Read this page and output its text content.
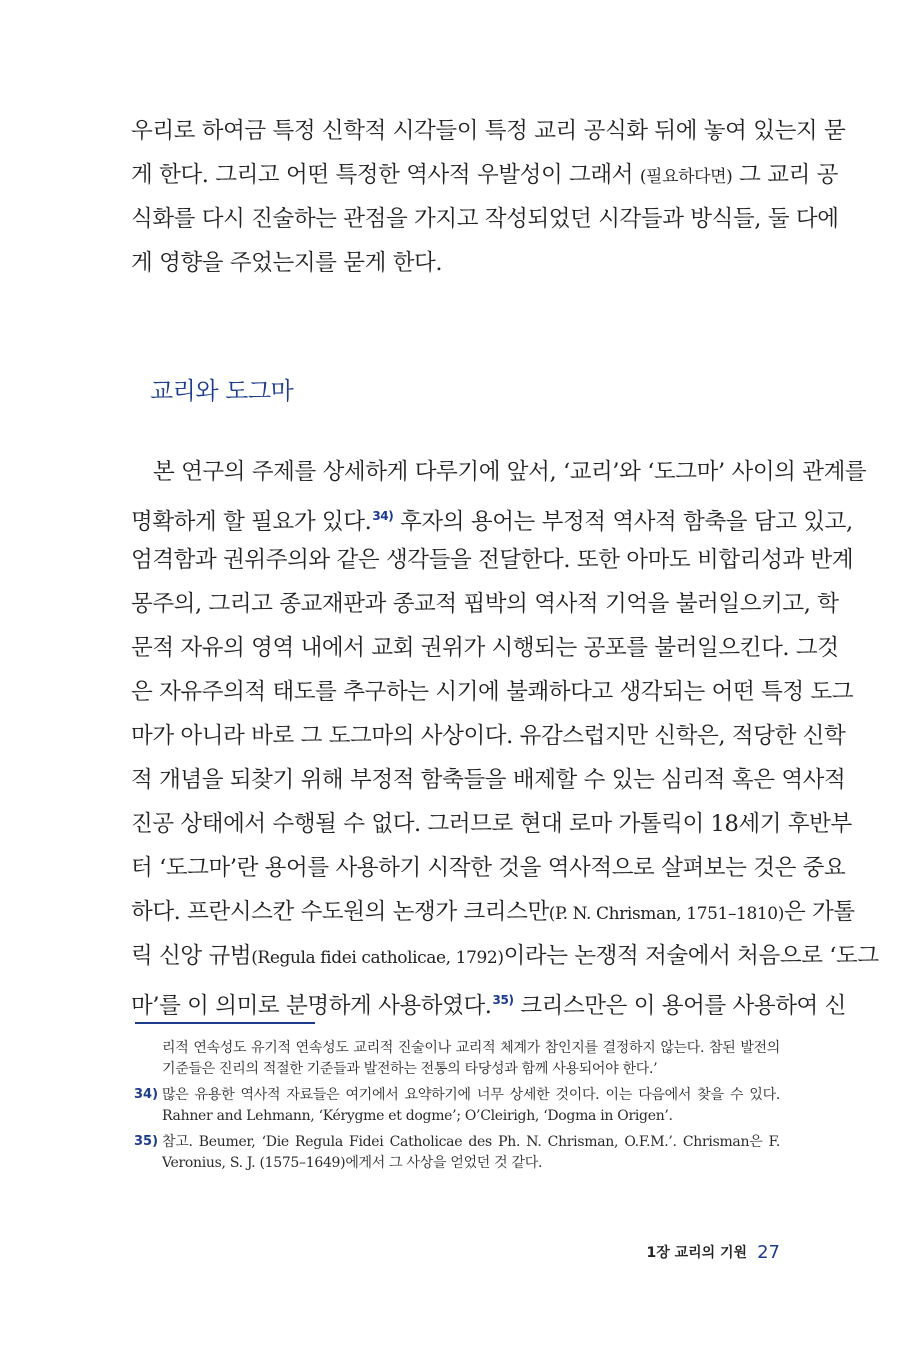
우리로 하여금 특정 신학적 시각들이 특정 교리 공식화 뒤에 놓여 있는지 묻
게 한다. 그리고 어떤 특정한 역사적 우발성이 그래서 (필요하다면) 그 교리 공
식화를 다시 진술하는 관점을 가지고 작성되었던 시각들과 방식들, 둘 다에
게 영향을 주었는지를 묻게 한다.
교리와 도그마
본 연구의 주제를 상세하게 다루기에 앞서, ‘교리’와 ‘도그마’ 사이의 관계를
명확하게 할 필요가 있다.$^{34)}$ 후자의 용어는 부정적 역사적 함축을 담고 있고,
엄격함과 권위주의와 같은 생각들을 전달한다. 또한 아마도 비합리성과 반계
몽주의, 그리고 종교재판과 종교적 핍박의 역사적 기억을 불러일으키고, 학
문적 자유의 영역 내에서 교회 권위가 시행되는 공포를 불러일으킨다. 그것
은 자유주의적 태도를 추구하는 시기에 불쾌하다고 생각되는 어떤 특정 도그
마가 아니라 바로 그 도그마의 사상이다. 유감스럽지만 신학은, 적당한 신학
적 개념을 되찾기 위해 부정적 함축들을 배제할 수 있는 심리적 혹은 역사적
진공 상태에서 수행될 수 없다. 그러므로 현대 로마 가톨릭이 18세기 후반부
터 ‘도그마’란 용어를 사용하기 시작한 것을 역사적으로 살펴보는 것은 중요
하다. 프란시스칸 수도원의 논쟁가 크리스만(P. N. Chrisman, 1751–1810)은 가톨
릭 신앙 규범(Regula fidei catholicae, 1792)이라는 논쟁적 저술에서 처음으로 ‘도그
마’를 이 의미로 분명하게 사용하였다.$^{35)}$ 크리스만은 이 용어를 사용하여 신
리적 연속성도 유기적 연속성도 교리적 진술이나 교리적 체계가 참인지를 결정하지 않는다. 참된 발전의
기준들은 진리의 적절한 기준들과 발전하는 전통의 타당성과 함께 사용되어야 한다.’
34) 많은 유용한 역사적 자료들은 여기에서 요약하기에 너무 상세한 것이다. 이는 다음에서 찾을 수 있다.
Rahner and Lehmann, ‘Kérygme et dogme’; O’Cleirigh, ‘Dogma in Origen’.
35) 참고. Beumer, ‘Die Regula Fidei Catholicae des Ph. N. Chrisman, O.F.M.’. Chrisman은 F.
Veronius, S. J. (1575–1649)에게서 그 사상을 얻었던 것 같다.
1장 교리의 기원 27
